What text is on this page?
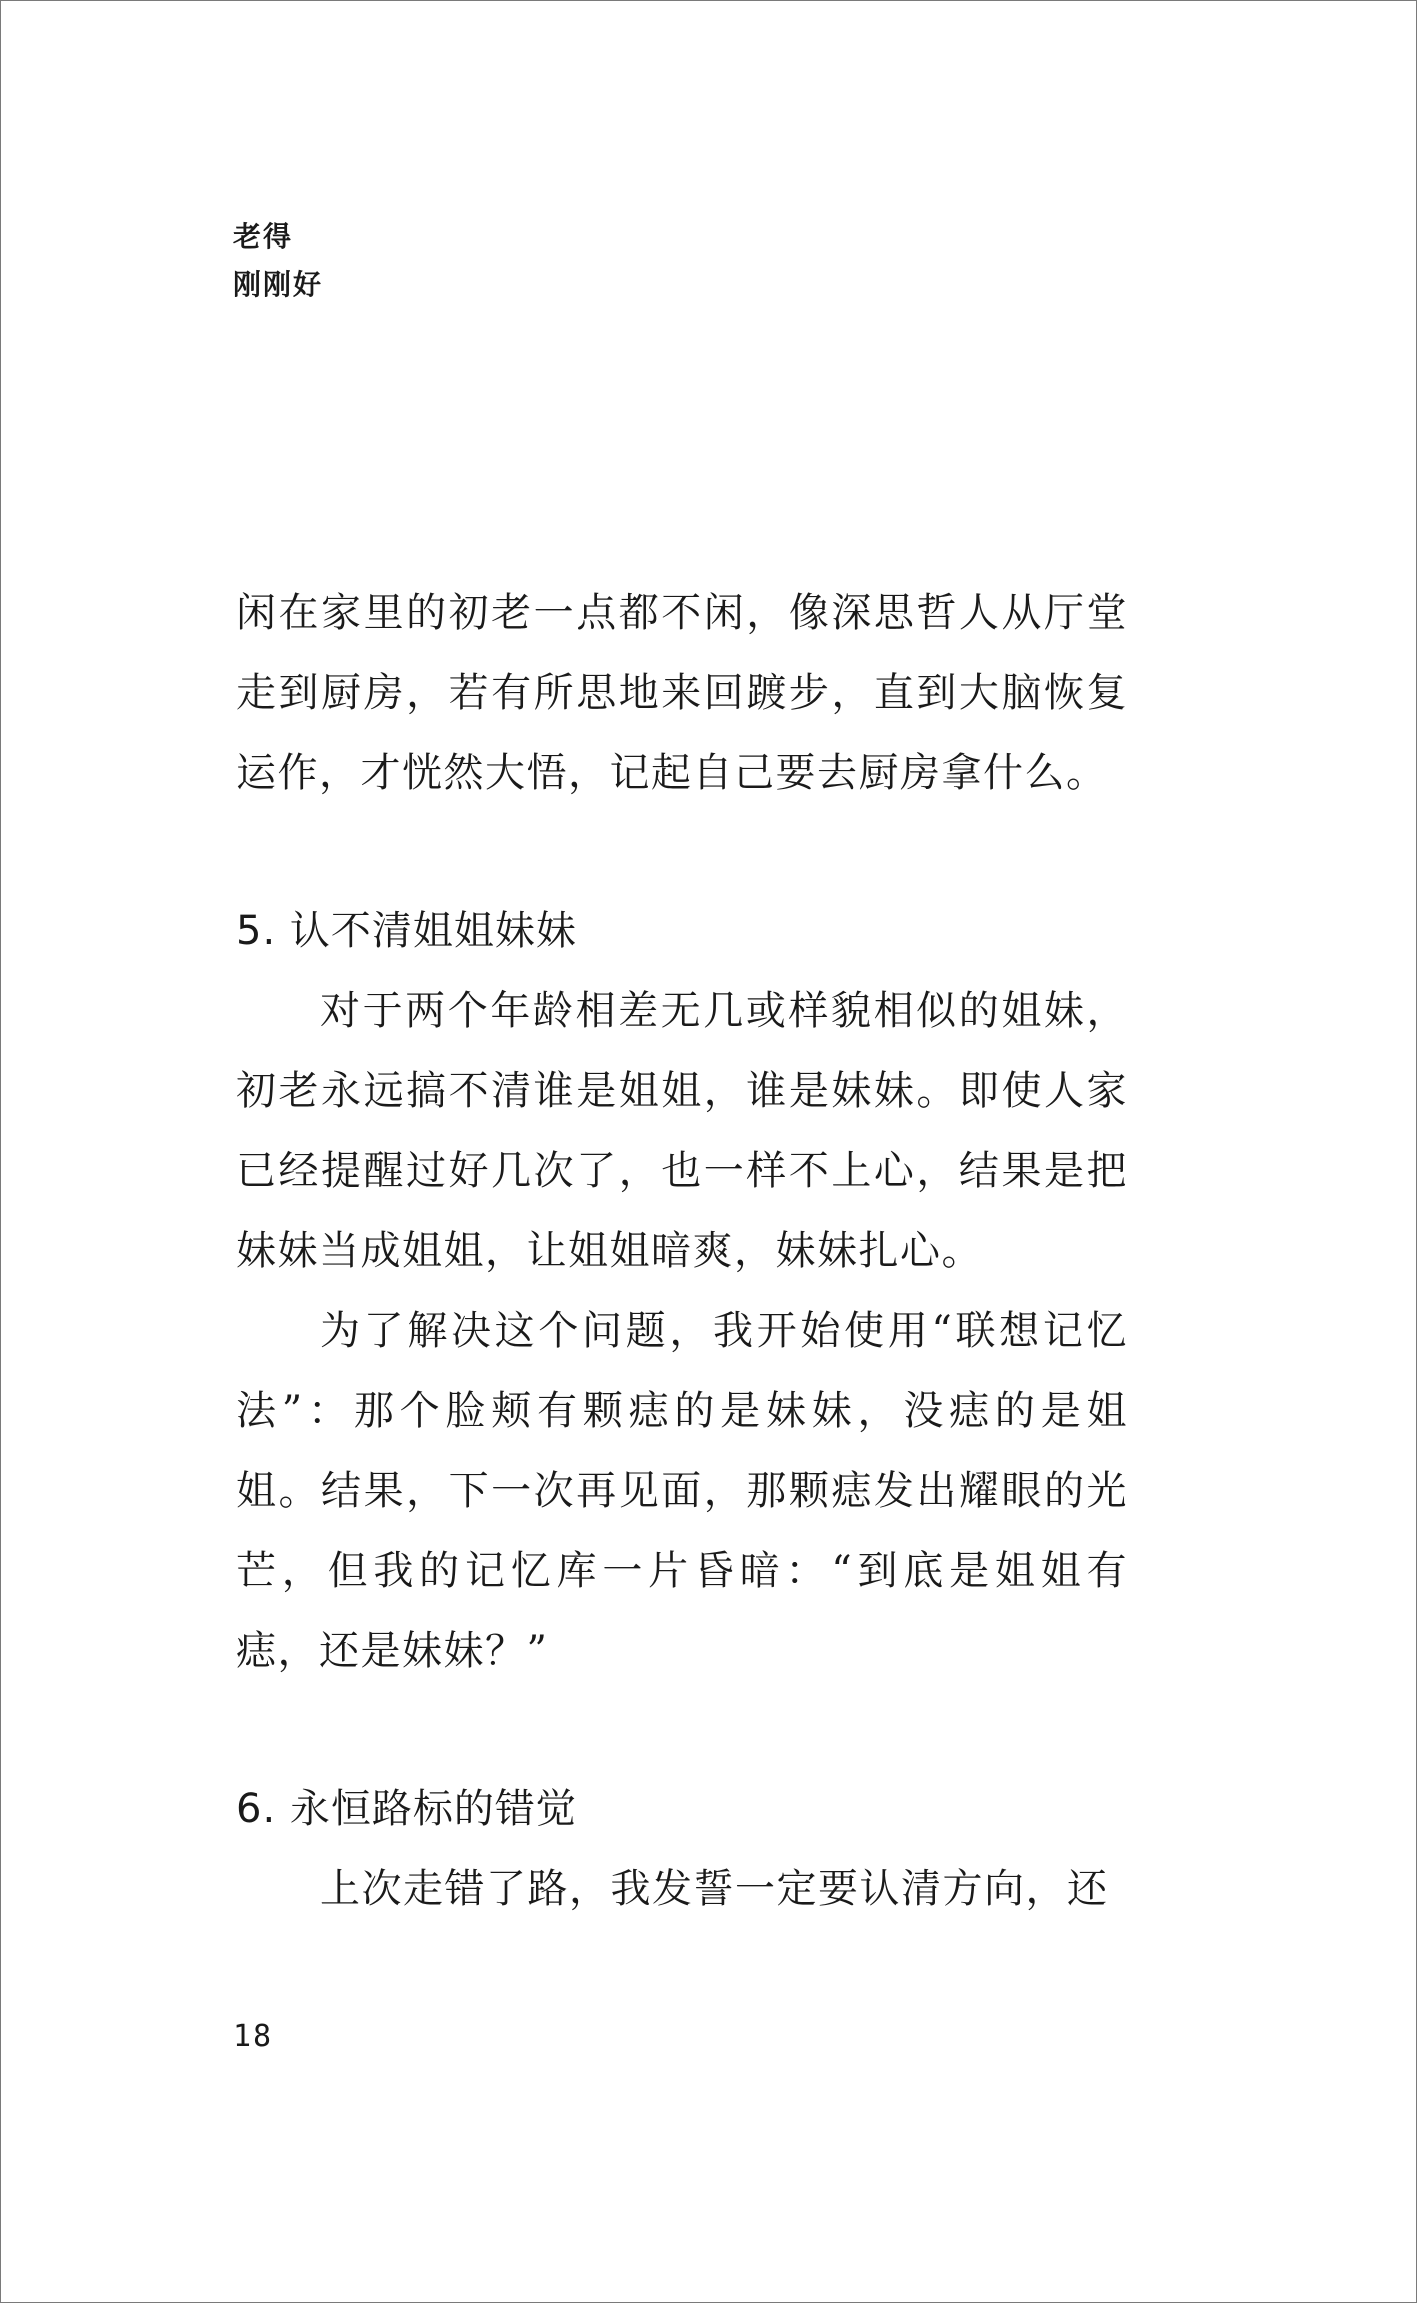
老得
刚刚好

闲在家里的初老一点都不闲，像深思哲人从厅堂走到厨房，若有所思地来回踱步，直到大脑恢复运作，才恍然大悟，记起自己要去厨房拿什么。

5. 认不清姐姐妹妹

对于两个年龄相差无几或样貌相似的姐妹，初老永远搞不清谁是姐姐，谁是妹妹。即使人家已经提醒过好几次了，也一样不上心，结果是把妹妹当成姐姐，让姐姐暗爽，妹妹扎心。

为了解决这个问题，我开始使用“联想记忆法”：那个脸颊有颗痣的是妹妹，没痣的是姐姐。结果，下一次再见面，那颗痣发出耀眼的光芒，但我的记忆库一片昏暗：“到底是姐姐有痣，还是妹妹？”

6. 永恒路标的错觉

上次走错了路，我发誓一定要认清方向，还

18
